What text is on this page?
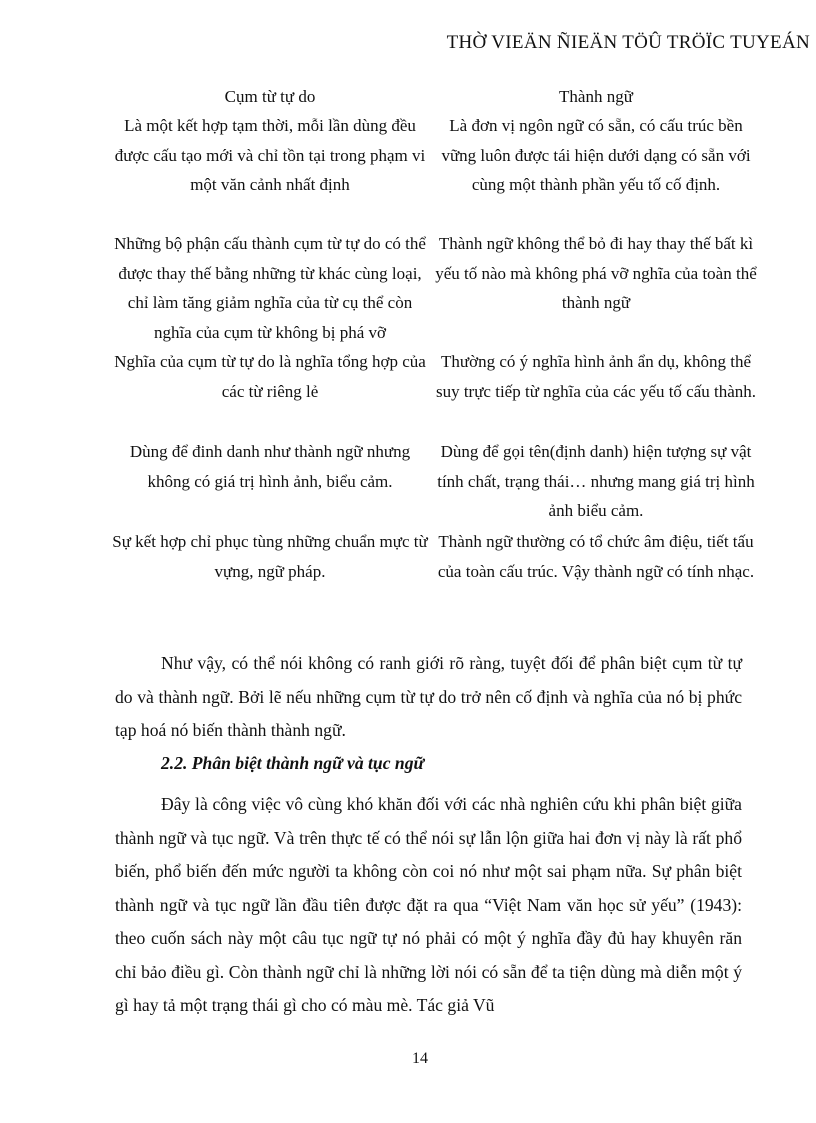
THỜ VIEÄN ÑIEÄN TÖÛ TRÖÏC TUYEÁN

Cụm từ tự do	Thành ngữ

Là một kết hợp tạm thời, mỗi lần dùng đều được cấu tạo mới và chỉ tồn tại trong phạm vi một văn cảnh nhất định

Là đơn vị ngôn ngữ có sẵn, có cấu trúc bền vững luôn được tái hiện dưới dạng có sẵn với cùng một thành phần yếu tố cố định.

Những bộ phận cấu thành cụm từ tự do có thể được thay thế bằng những từ khác cùng loại, chỉ làm tăng giảm nghĩa của từ cụ thể còn nghĩa của cụm từ không bị phá vỡ

Thành ngữ không thể bỏ đi hay thay thế bất kì yếu tố nào mà không phá vỡ nghĩa của toàn thể thành ngữ

Nghĩa của cụm từ tự do là nghĩa tổng hợp của các từ riêng lẻ

Thường có ý nghĩa hình ảnh ẩn dụ, không thể suy trực tiếp từ nghĩa của các yếu tố cấu thành.

Dùng để đinh danh như thành ngữ nhưng không có giá trị hình ảnh, biểu cảm.

Dùng để gọi tên(định danh) hiện tượng sự vật tính chất, trạng thái… nhưng mang giá trị hình ảnh biểu cảm.

Sự kết hợp chỉ phục tùng những chuẩn mực từ vựng, ngữ pháp.

Thành ngữ thường có tổ chức âm điệu, tiết tấu của toàn cấu trúc. Vậy thành ngữ có tính nhạc.

Như vậy, có thể nói không có ranh giới rõ ràng, tuyệt đối để phân biệt cụm từ tự do và thành ngữ. Bởi lẽ nếu những cụm từ tự do trở nên cố định và nghĩa của nó bị phức tạp hoá nó biến thành thành ngữ.

2.2. Phân biệt thành ngữ và tục ngữ

Đây là công việc vô cùng khó khăn đối với các nhà nghiên cứu khi phân biệt giữa thành ngữ và tục ngữ. Và trên thực tế có thể nói sự lẫn lộn giữa hai đơn vị này là rất phổ biến, phổ biến đến mức người ta không còn coi nó như một sai phạm nữa. Sự phân biệt thành ngữ và tục ngữ lần đầu tiên được đặt ra qua “Việt Nam văn học sử yếu” (1943): theo cuốn sách này một câu tục ngữ tự nó phải có một ý nghĩa đầy đủ hay khuyên răn chỉ bảo điều gì. Còn thành ngữ chỉ là những lời nói có sẵn để ta tiện dùng mà diễn một ý gì hay tả một trạng thái gì cho có màu mè. Tác giả Vũ

14
